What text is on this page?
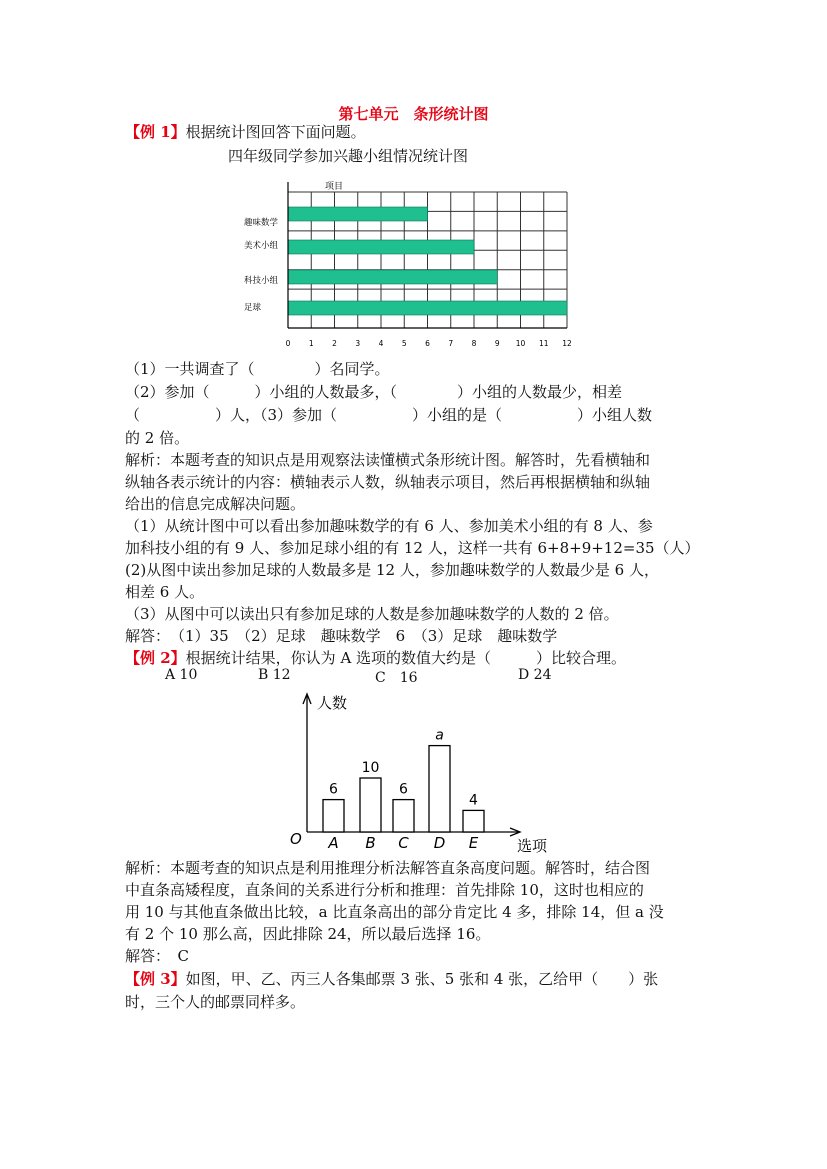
第七单元　条形统计图
【例 1】根据统计图回答下面问题。
四年级同学参加兴趣小组情况统计图
项目
趣味数学
美术小组
科技小组
足球
0 1 2 3 4 5 6 7 8 9 10 11 12
（1）一共调查了（　　　　）名同学。
（2）参加（　　　）小组的人数最多，（　　　　）小组的人数最少，相差
（　　　　　）人，（3）参加（　　　　　）小组的是（　　　　　）小组人数
的 2 倍。
解析：本题考查的知识点是用观察法读懂横式条形统计图。解答时，先看横轴和
纵轴各表示统计的内容：横轴表示人数，纵轴表示项目，然后再根据横轴和纵轴
给出的信息完成解决问题。
（1）从统计图中可以看出参加趣味数学的有 6 人、参加美术小组的有 8 人、参
加科技小组的有 9 人、参加足球小组的有 12 人，这样一共有 6+8+9+12=35（人）
(2)从图中读出参加足球的人数最多是 12 人，参加趣味数学的人数最少是 6 人，
相差 6 人。
（3）从图中可以读出只有参加足球的人数是参加趣味数学的人数的 2 倍。
解答：　（1）35　（2）足球　趣味数学　6　（3）足球　趣味数学
【例 2】根据统计结果，你认为 A 选项的数值大约是（　　　）比较合理。
A 10	B 12	C　16	D 24
6
10
6
a
4
A B C D E
人数
选项
O
解析：本题考查的知识点是利用推理分析法解答直条高度问题。解答时，结合图
中直条高矮程度，直条间的关系进行分析和推理：首先排除 10，这时也相应的
用 10 与其他直条做出比较，a 比直条高出的部分肯定比 4 多，排除 14，但 a 没
有 2 个 10 那么高，因此排除 24，所以最后选择 16。
解答：　C
【例 3】如图，甲、乙、丙三人各集邮票 3 张、5 张和 4 张，乙给甲（　　）张
时，三个人的邮票同样多。
